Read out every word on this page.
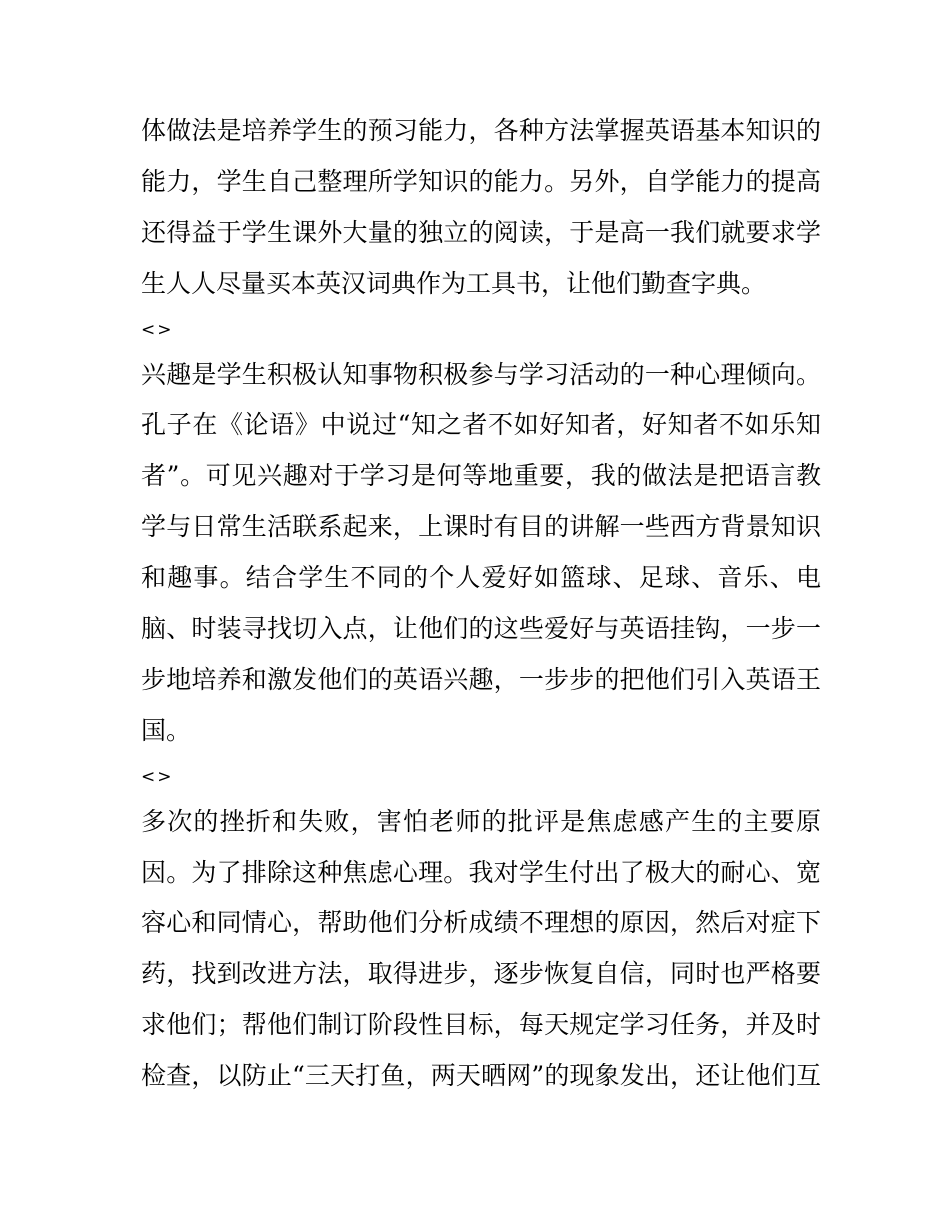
体做法是培养学生的预习能力，各种方法掌握英语基本知识的
能力，学生自己整理所学知识的能力。另外，自学能力的提高
还得益于学生课外大量的独立的阅读，于是高一我们就要求学
生人人尽量买本英汉词典作为工具书，让他们勤查字典。
<>
兴趣是学生积极认知事物积极参与学习活动的一种心理倾向。
孔子在《论语》中说过“知之者不如好知者，好知者不如乐知
者”。可见兴趣对于学习是何等地重要，我的做法是把语言教
学与日常生活联系起来，上课时有目的讲解一些西方背景知识
和趣事。结合学生不同的个人爱好如篮球、足球、音乐、电
脑、时装寻找切入点，让他们的这些爱好与英语挂钩，一步一
步地培养和激发他们的英语兴趣，一步步的把他们引入英语王
国。
<>
多次的挫折和失败，害怕老师的批评是焦虑感产生的主要原
因。为了排除这种焦虑心理。我对学生付出了极大的耐心、宽
容心和同情心，帮助他们分析成绩不理想的原因，然后对症下
药，找到改进方法，取得进步，逐步恢复自信，同时也严格要
求他们；帮他们制订阶段性目标，每天规定学习任务，并及时
检查，以防止“三天打鱼，两天晒网”的现象发出，还让他们互
